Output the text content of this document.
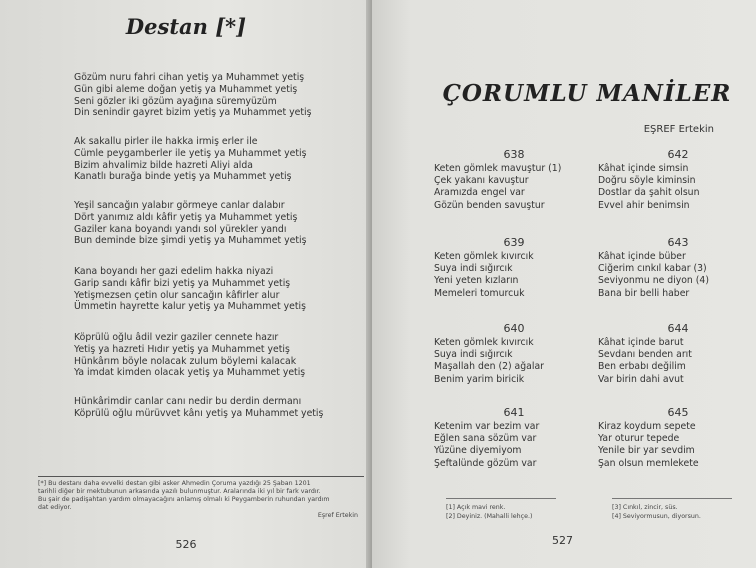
Destan [*]
Gözüm nuru fahri cihan yetiş ya Muhammet yetiş
Gün gibi aleme doğan yetiş ya Muhammet yetiş
Seni gözler iki gözüm ayağına süremyüzüm
Din senindir gayret bizim yetiş ya Muhammet yetiş
Ak sakallu pirler ile hakka irmiş erler ile
Cümle peygamberler ile yetiş ya Muhammet yetiş
Bizim ahvalimiz bilde hazreti Aliyi alda
Kanatlı burağa binde yetiş ya Muhammet yetiş
Yeşil sancağın yalabır görmeye canlar dalabır
Dört yanımız aldı kâfir yetiş ya Muhammet yetiş
Gaziler kana boyandı yandı sol yürekler yandı
Bun deminde bize şimdi yetiş ya Muhammet yetiş
Kana boyandı her gazi edelim hakka niyazi
Garip sandı kâfir bizi yetiş ya Muhammet yetiş
Yetişmezsen çetin olur sancağın kâfirler alur
Ümmetin hayrette kalur yetiş ya Muhammet yetiş
Köprülü oğlu âdil vezir gaziler cennete hazır
Yetiş ya hazreti Hıdır yetiş ya Muhammet yetiş
Hünkârım böyle nolacak zulum böylemi kalacak
Ya imdat kimden olacak yetiş ya Muhammet yetiş
Hünkârimdir canlar canı nedir bu derdin dermanı
Köprülü oğlu mürüvvet kânı yetiş ya Muhammet yetiş
[*] Bu destanı daha evvelki destan gibi asker Ahmedin Çoruma yazdığı 25 Şaban 1201
tarihli diğer bir mektubunun arkasında yazılı bulunmuştur. Aralarında iki yıl bir fark vardır.
Bu şair de padişahtan yardım olmayacağını anlamış olmalı ki Peygamberin ruhundan yardım
dat ediyor.
Eşref Ertekin
526
ÇORUMLU MANİLER
EŞREF Ertekin
638
Keten gömlek mavuştur (1)
Çek yakanı kavuştur
Aramızda engel var
Gözün benden savuştur
639
Keten gömlek kıvırcık
Suya indi sığırcık
Yeni yeten kızların
Memeleri tomurcuk
640
Keten gömlek kıvırcık
Suya indi sığırcık
Maşallah den (2) ağalar
Benim yarim biricik
641
Ketenim var bezim var
Eğlen sana sözüm var
Yüzüne diyemiyom
Şeftalünde gözüm var
642
Kâhat içinde simsin
Doğru söyle kiminsin
Dostlar da şahit olsun
Evvel ahir benimsin
643
Kâhat içinde büber
Ciğerim cınkıl kabar (3)
Seviyonmu ne diyon (4)
Bana bir belli haber
644
Kâhat içinde barut
Sevdanı benden arıt
Ben erbabı değilim
Var birin dahi avut
645
Kiraz koydum sepete
Yar oturur tepede
Yenile bir yar sevdim
Şan olsun memlekete
[1] Açık mavi renk.
[2] Deyiniz. (Mahalli lehçe.)
[3] Cınkıl, zincir, süs.
[4] Seviyormusun, diyorsun.
527
